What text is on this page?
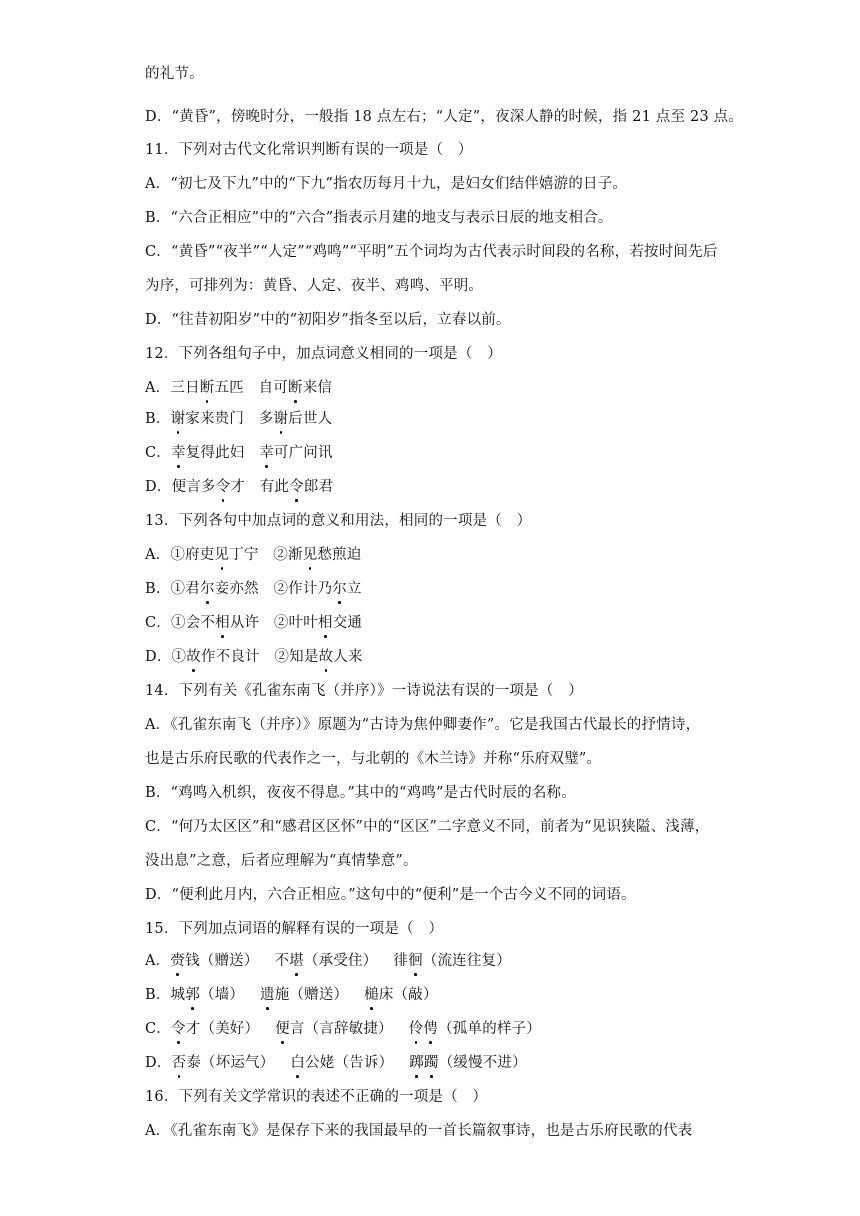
的礼节。
D．“黄昏”，傍晚时分，一般指 18 点左右；“人定”，夜深人静的时候，指 21 点至 23 点。
11．下列对古代文化常识判断有误的一项是（　）
A．“初七及下九”中的“下九”指农历每月十九，是妇女们结伴嬉游的日子。
B．“六合正相应”中的“六合”指表示月建的地支与表示日辰的地支相合。
C．“黄昏”“夜半”“人定”“鸡鸣”“平明”五个词均为古代表示时间段的名称，若按时间先后
为序，可排列为：黄昏、人定、夜半、鸡鸣、平明。
D．“往昔初阳岁”中的“初阳岁”指冬至以后，立春以前。
12．下列各组句子中，加点词意义相同的一项是（　）
A．三日断五匹　自可断来信
B．谢家来贵门　多谢后世人
C．幸复得此妇　幸可广问讯
D．便言多令才　有此令郎君
13．下列各句中加点词的意义和用法，相同的一项是（　）
A．①府吏见丁宁　②渐见愁煎迫
B．①君尔妾亦然　②作计乃尔立
C．①会不相从许　②叶叶相交通
D．①故作不良计　②知是故人来
14．下列有关《孔雀东南飞（并序）》一诗说法有误的一项是（　）
A．《孔雀东南飞（并序）》原题为“古诗为焦仲卿妻作”。它是我国古代最长的抒情诗，
也是古乐府民歌的代表作之一，与北朝的《木兰诗》并称“乐府双璧”。
B．“鸡鸣入机织，夜夜不得息。”其中的“鸡鸣”是古代时辰的名称。
C．“何乃太区区”和“感君区区怀”中的“区区”二字意义不同，前者为“见识狭隘、浅薄，
没出息”之意，后者应理解为“真情挚意”。
D．“便利此月内，六合正相应。”这句中的“便利”是一个古今义不同的词语。
15．下列加点词语的解释有误的一项是（　）
A．赍钱（赠送） 不堪（承受住） 徘徊（流连往复）
B．城郭（墙） 遗施（赠送） 槌床（敲）
C．令才（美好） 便言（言辞敏捷） 伶俜（孤单的样子）
D．否泰（坏运气） 白公姥（告诉） 踯躅（缓慢不进）
16．下列有关文学常识的表述不正确的一项是（　）
A．《孔雀东南飞》是保存下来的我国最早的一首长篇叙事诗，也是古乐府民歌的代表
